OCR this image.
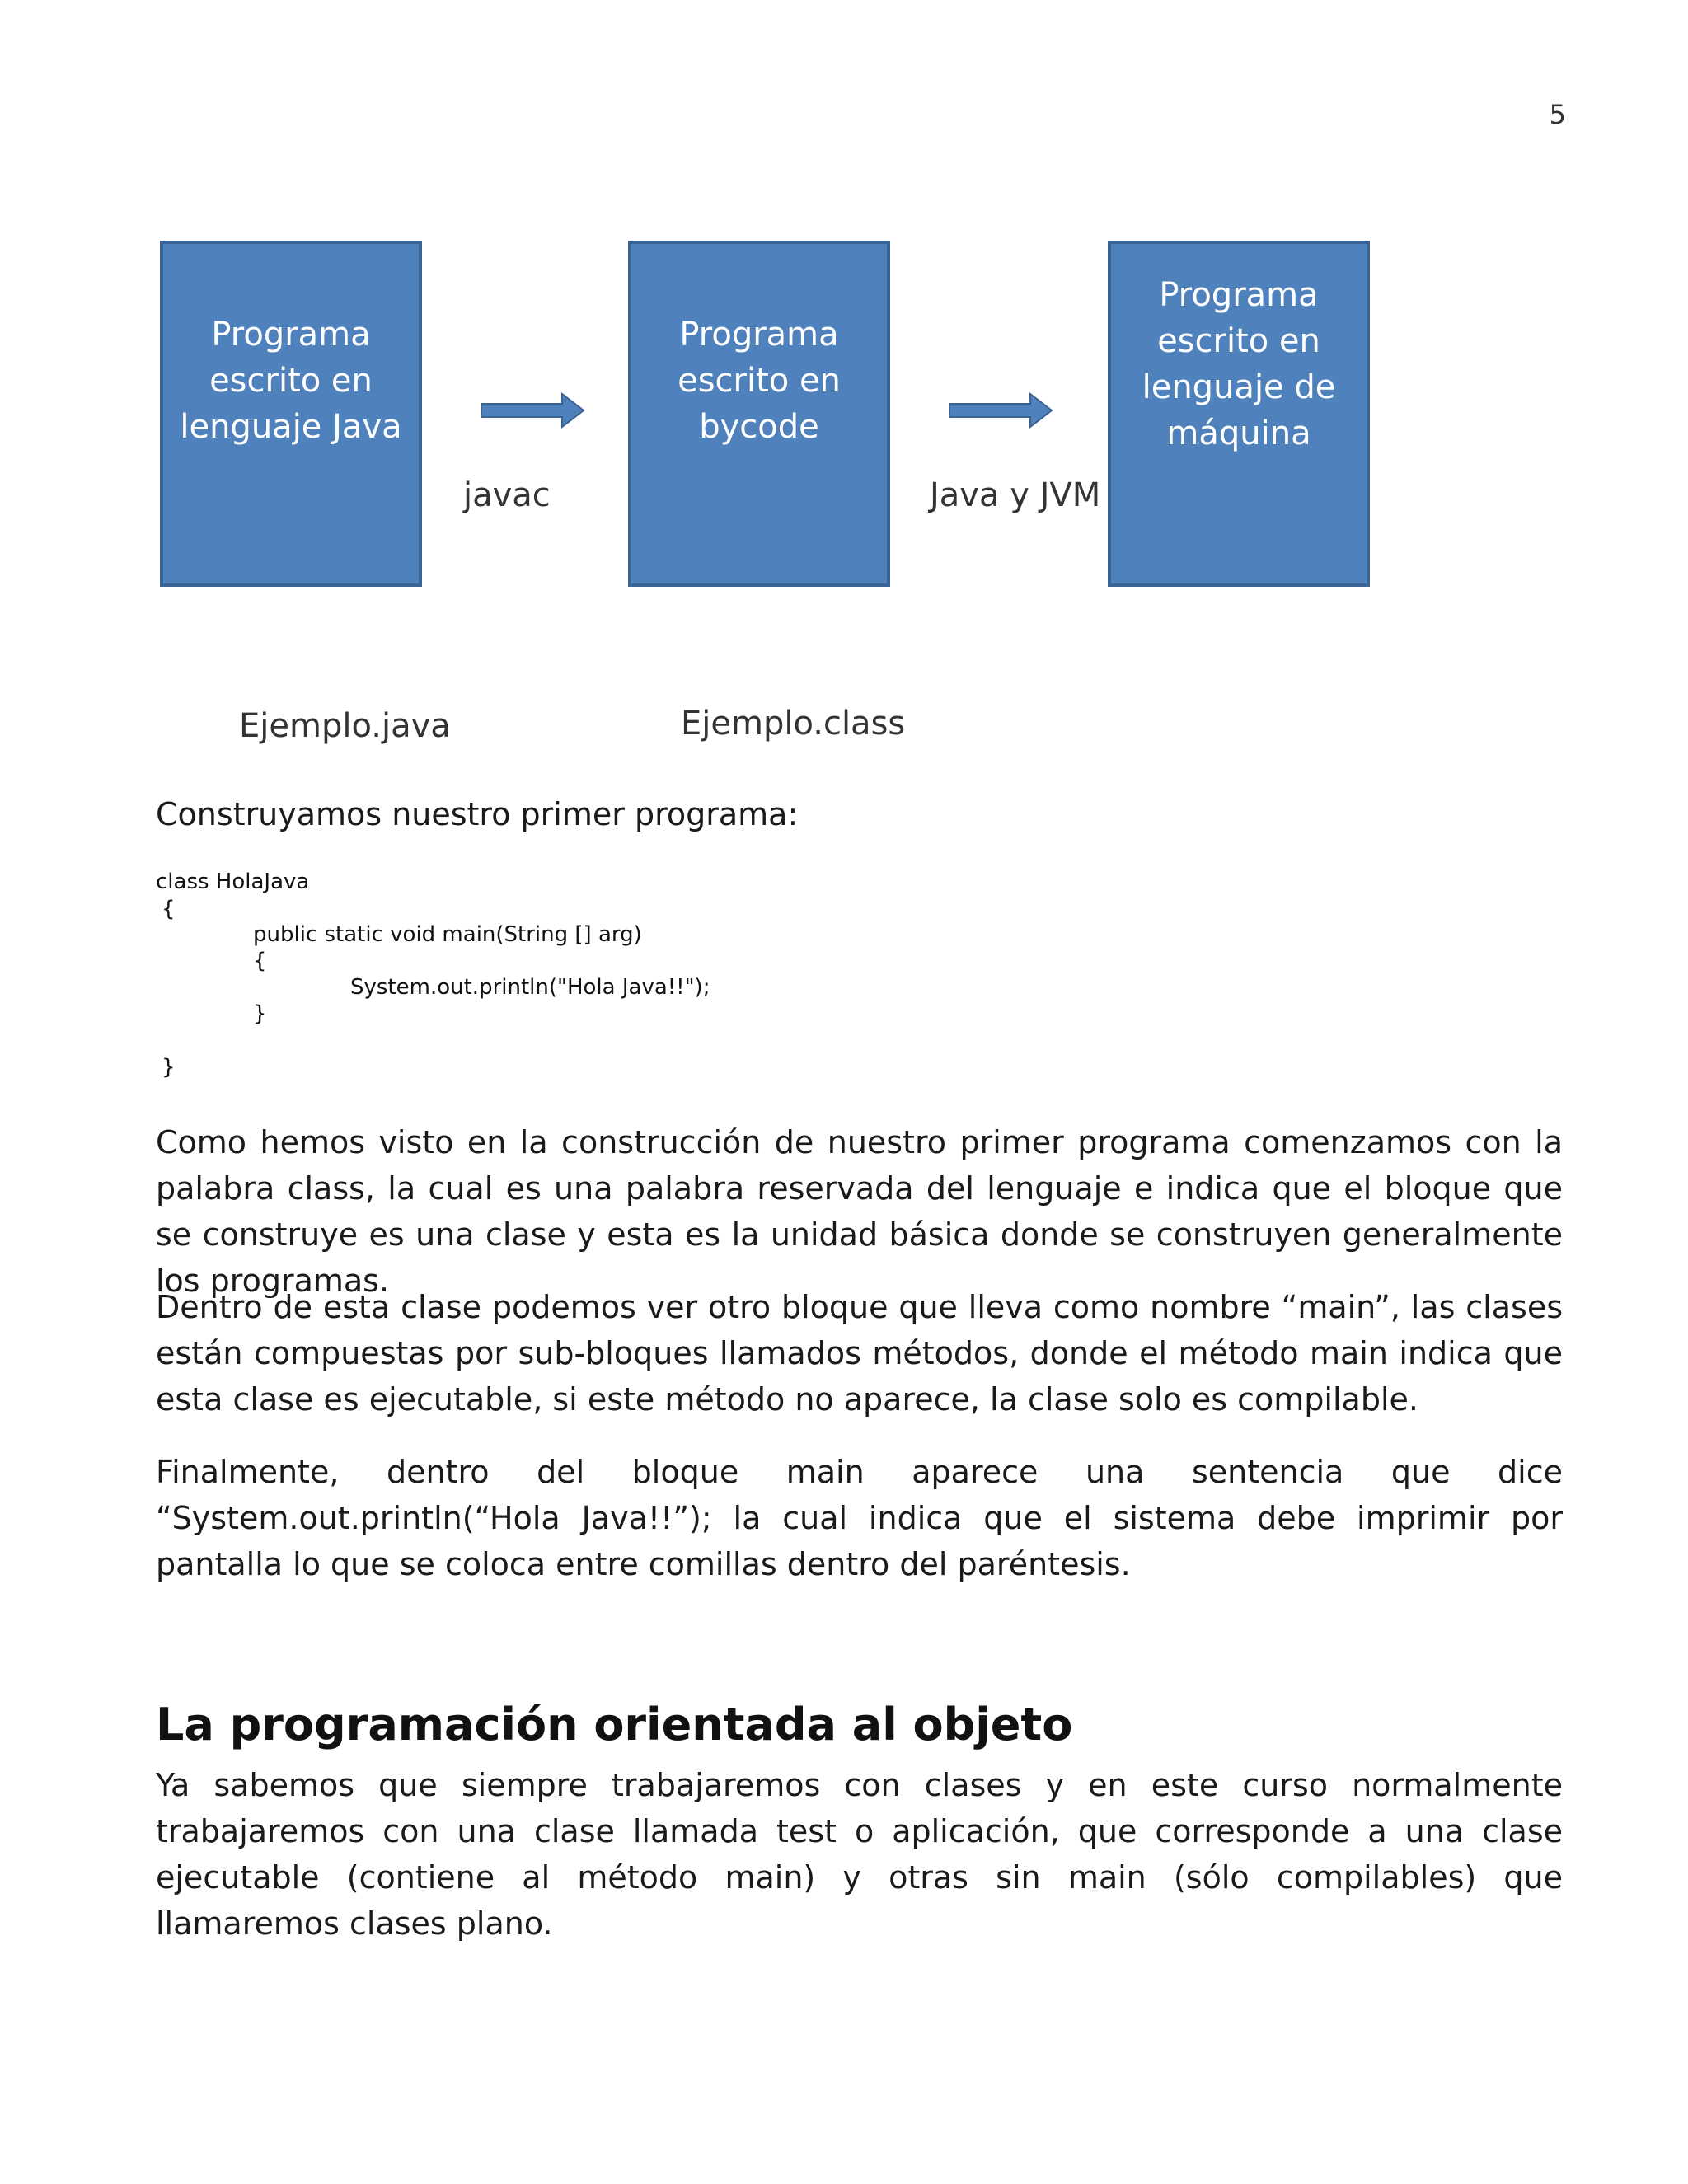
5
Programa
escrito en
lenguaje Java
Programa
escrito en
bycode
Programa
escrito en
lenguaje de
máquina
javac	Java y JVM
Ejemplo.java	Ejemplo.class

Construyamos nuestro primer programa:

class HolaJava
{
public static void main(String [] arg)
{
System.out.println("Hola Java!!");
}
}

Como hemos visto en la construcción de nuestro primer programa comenzamos con la palabra class, la cual es una palabra reservada del lenguaje e indica que el bloque que se construye es una clase y esta es la unidad básica donde se construyen generalmente los programas.

Dentro de esta clase podemos ver otro bloque que lleva como nombre “main”, las clases están compuestas por sub-bloques llamados métodos, donde el método main indica que esta clase es ejecutable, si este método no aparece, la clase solo es compilable.

Finalmente, dentro del bloque main aparece una sentencia que dice “System.out.println(“Hola Java!!”); la cual indica que el sistema debe imprimir por pantalla lo que se coloca entre comillas dentro del paréntesis.

La programación orientada al objeto

Ya sabemos que siempre trabajaremos con clases y en este curso normalmente trabajaremos con una clase llamada test o aplicación, que corresponde a una clase ejecutable (contiene al método main) y otras sin main (sólo compilables) que llamaremos clases plano.
